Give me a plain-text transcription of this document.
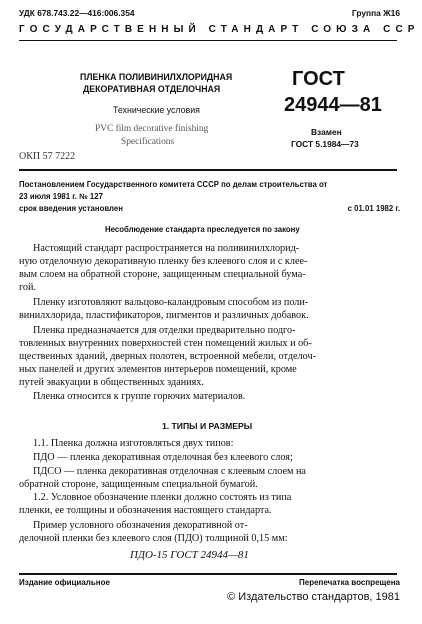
УДК 678.743.22—416:006.354	Группа Ж16
ГОСУДАРСТВЕННЫЙ СТАНДАРТ СОЮЗА ССР
ПЛЕНКА ПОЛИВИНИЛХЛОРИДНАЯ
ДЕКОРАТИВНАЯ ОТДЕЛОЧНАЯ
Технические условия
PVC film decorative finishing
Specifications
ОКП 57 7222
ГОСТ
24944—81
Взамен
ГОСТ 5.1984—73
Постановлением Государственного комитета СССР по делам строительства от
23 июля 1981 г. № 127
срок введения установлен	с 01.01 1982 г.
Несоблюдение стандарта преследуется по закону
Настоящий стандарт распространяется на поливинилхлорид-
ную отделочную декоративную пленку без клеевого слоя и с клее-
вым слоем на обратной стороне, защищенным специальной бума-
гой.
Пленку изготовляют вальцово-каландровым способом из поли-
винилхлорида, пластификаторов, пигментов и различных добавок.
Пленка предназначается для отделки предварительно подго-
товленных внутренних поверхностей стен помещений жилых и об-
щественных зданий, дверных полотен, встроенной мебели, отделоч-
ных панелей и других элементов интерьеров помещений, кроме
путей эвакуации в общественных зданиях.
Пленка относится к группе горючих материалов.
1. ТИПЫ И РАЗМЕРЫ
1.1. Пленка должна изготовляться двух типов:
ПДО — пленка декоративная отделочная без клеевого слоя;
ПДСО — пленка декоративная отделочная с клеевым слоем на
обратной стороне, защищенным специальной бумагой.
1.2. Условное обозначение пленки должно состоять из типа
пленки, ее толщины и обозначения настоящего стандарта.
Пример условного обозначения декоративной от-
делочной пленки без клеевого слоя (ПДО) толщиной 0,15 мм:
ПДО-15 ГОСТ 24944—81
Издание официальное	Перепечатка воспрещена
© Издательство стандартов, 1981
